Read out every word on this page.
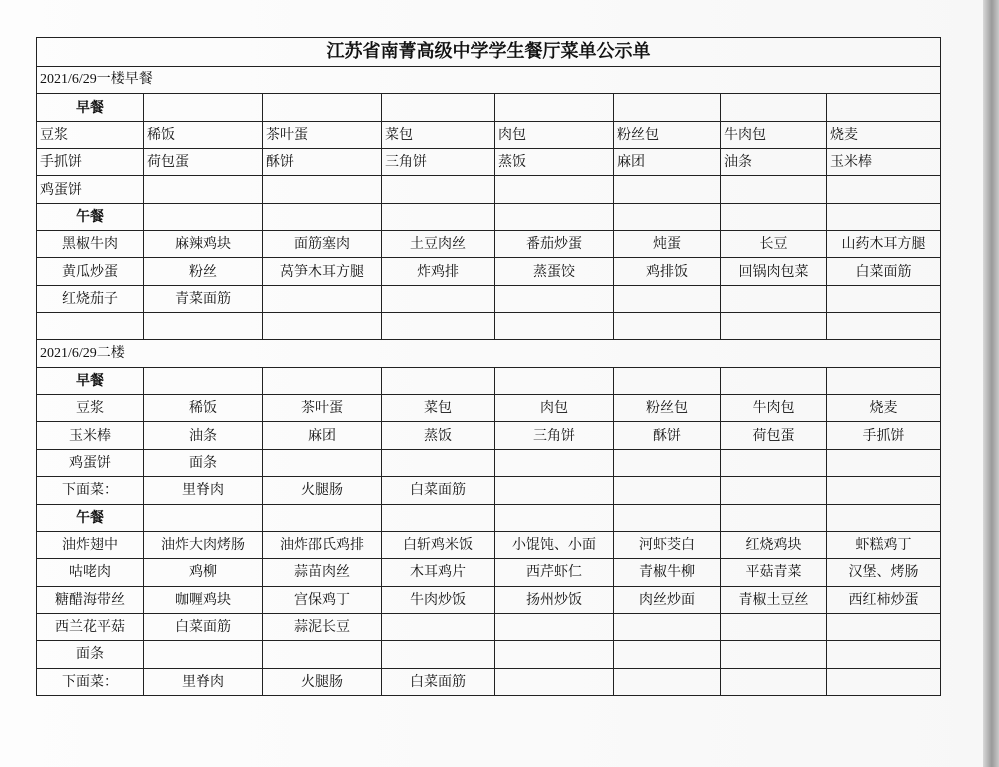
江苏省南菁高级中学学生餐厅菜单公示单							
2021/6/29一楼早餐							
早餐							
豆浆	稀饭	茶叶蛋	菜包	肉包	粉丝包	牛肉包	烧麦
手抓饼	荷包蛋	酥饼	三角饼	蒸饭	麻团	油条	玉米棒
鸡蛋饼							
午餐							
黑椒牛肉	麻辣鸡块	面筋塞肉	土豆肉丝	番茄炒蛋	炖蛋	长豆	山药木耳方腿
黄瓜炒蛋	粉丝	莴笋木耳方腿	炸鸡排	蒸蛋饺	鸡排饭	回锅肉包菜	白菜面筋
红烧茄子	青菜面筋						

2021/6/29二楼							
早餐							
豆浆	稀饭	茶叶蛋	菜包	肉包	粉丝包	牛肉包	烧麦
玉米棒	油条	麻团	蒸饭	三角饼	酥饼	荷包蛋	手抓饼
鸡蛋饼	面条						
下面菜：	里脊肉	火腿肠	白菜面筋				
午餐							
油炸翅中	油炸大肉烤肠	油炸邵氏鸡排	白斩鸡米饭	小馄饨、小面	河虾茭白	红烧鸡块	虾糕鸡丁
咕咾肉	鸡柳	蒜苗肉丝	木耳鸡片	西芹虾仁	青椒牛柳	平菇青菜	汉堡、烤肠
糖醋海带丝	咖喱鸡块	宫保鸡丁	牛肉炒饭	扬州炒饭	肉丝炒面	青椒土豆丝	西红柿炒蛋
西兰花平菇	白菜面筋	蒜泥长豆					
面条							
下面菜：	里脊肉	火腿肠	白菜面筋				
